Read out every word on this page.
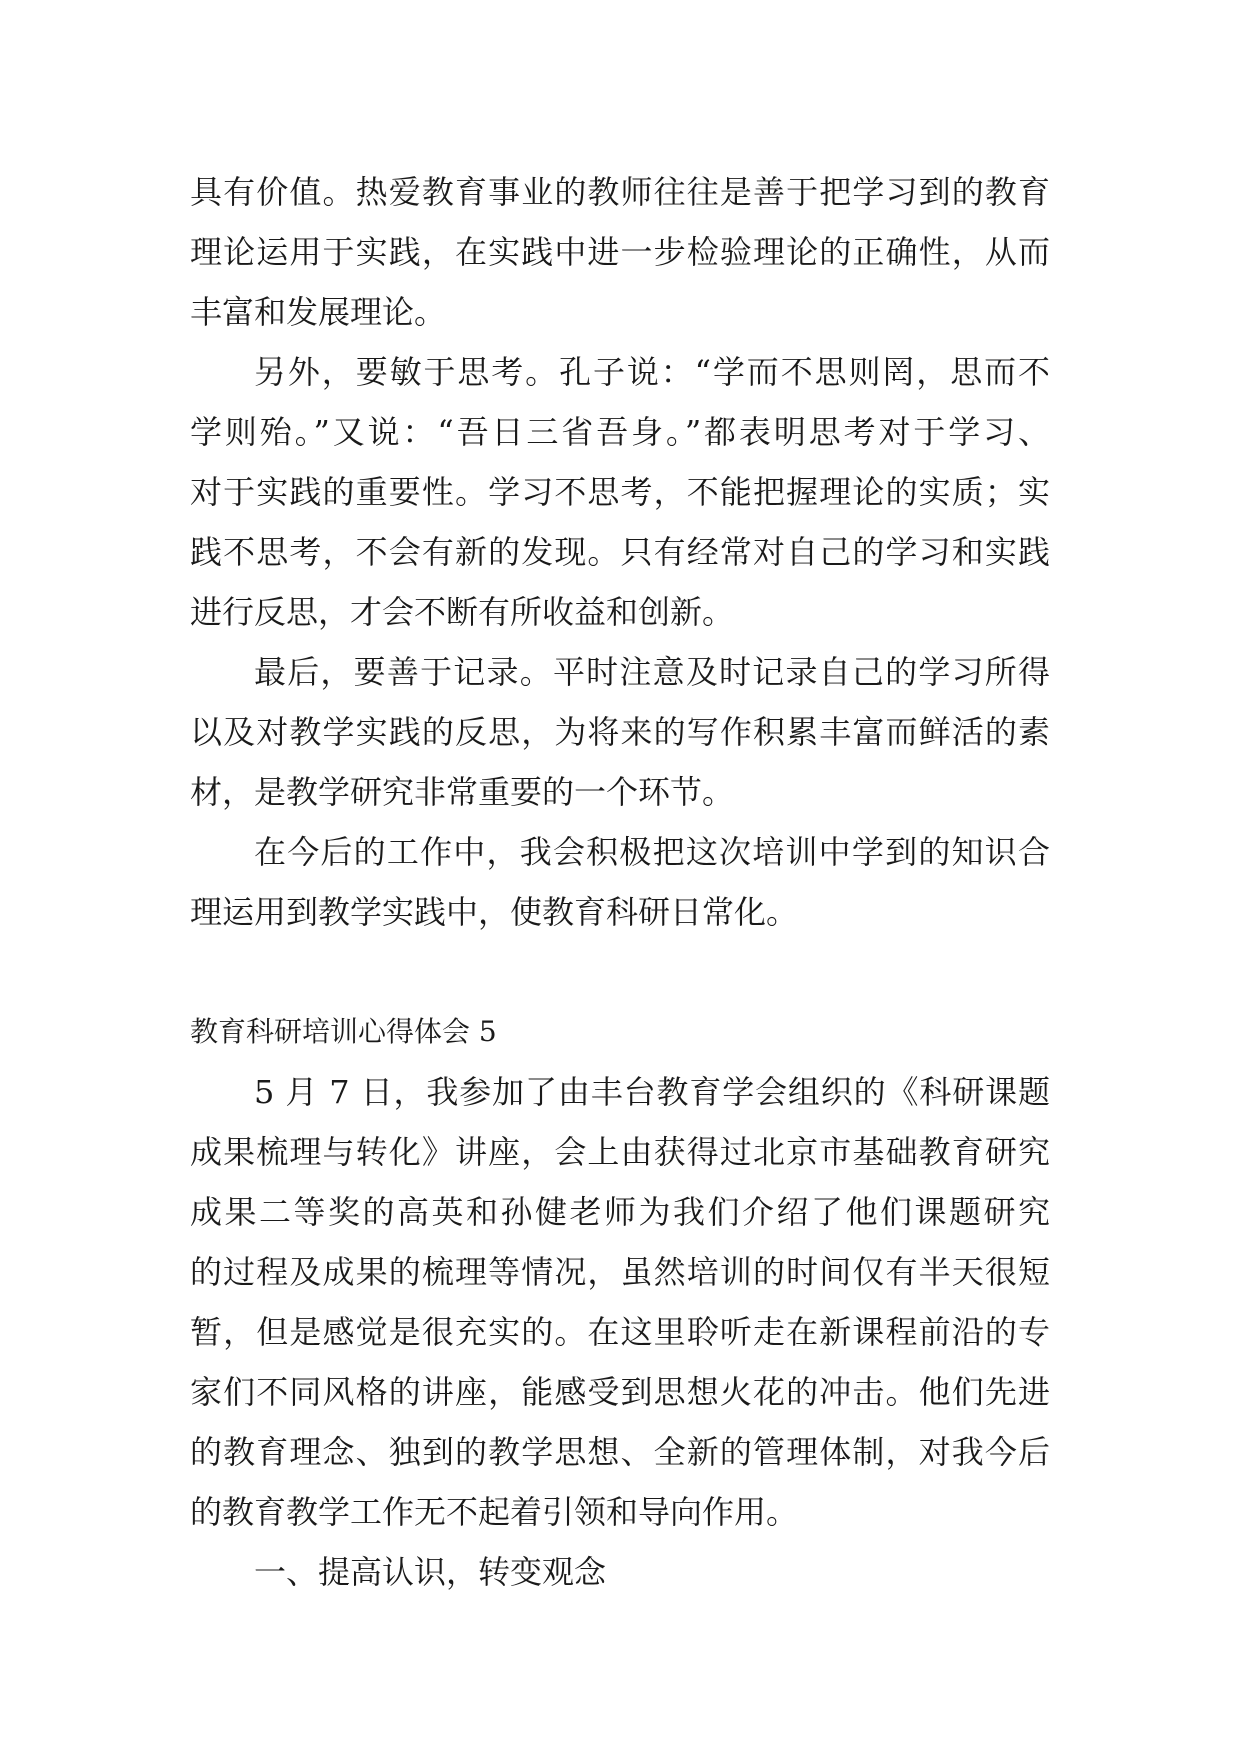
具有价值。热爱教育事业的教师往往是善于把学习到的教育
理论运用于实践，在实践中进一步检验理论的正确性，从而
丰富和发展理论。
另外，要敏于思考。孔子说：“学而不思则罔，思而不
学则殆。”又说：“吾日三省吾身。”都表明思考对于学习、
对于实践的重要性。学习不思考，不能把握理论的实质；实
践不思考，不会有新的发现。只有经常对自己的学习和实践
进行反思，才会不断有所收益和创新。
最后，要善于记录。平时注意及时记录自己的学习所得
以及对教学实践的反思，为将来的写作积累丰富而鲜活的素
材，是教学研究非常重要的一个环节。
在今后的工作中，我会积极把这次培训中学到的知识合
理运用到教学实践中，使教育科研日常化。
教育科研培训心得体会 5
5 月 7 日，我参加了由丰台教育学会组织的《科研课题
成果梳理与转化》讲座，会上由获得过北京市基础教育研究
成果二等奖的高英和孙健老师为我们介绍了他们课题研究
的过程及成果的梳理等情况，虽然培训的时间仅有半天很短
暂，但是感觉是很充实的。在这里聆听走在新课程前沿的专
家们不同风格的讲座，能感受到思想火花的冲击。他们先进
的教育理念、独到的教学思想、全新的管理体制，对我今后
的教育教学工作无不起着引领和导向作用。
一、提高认识，转变观念
